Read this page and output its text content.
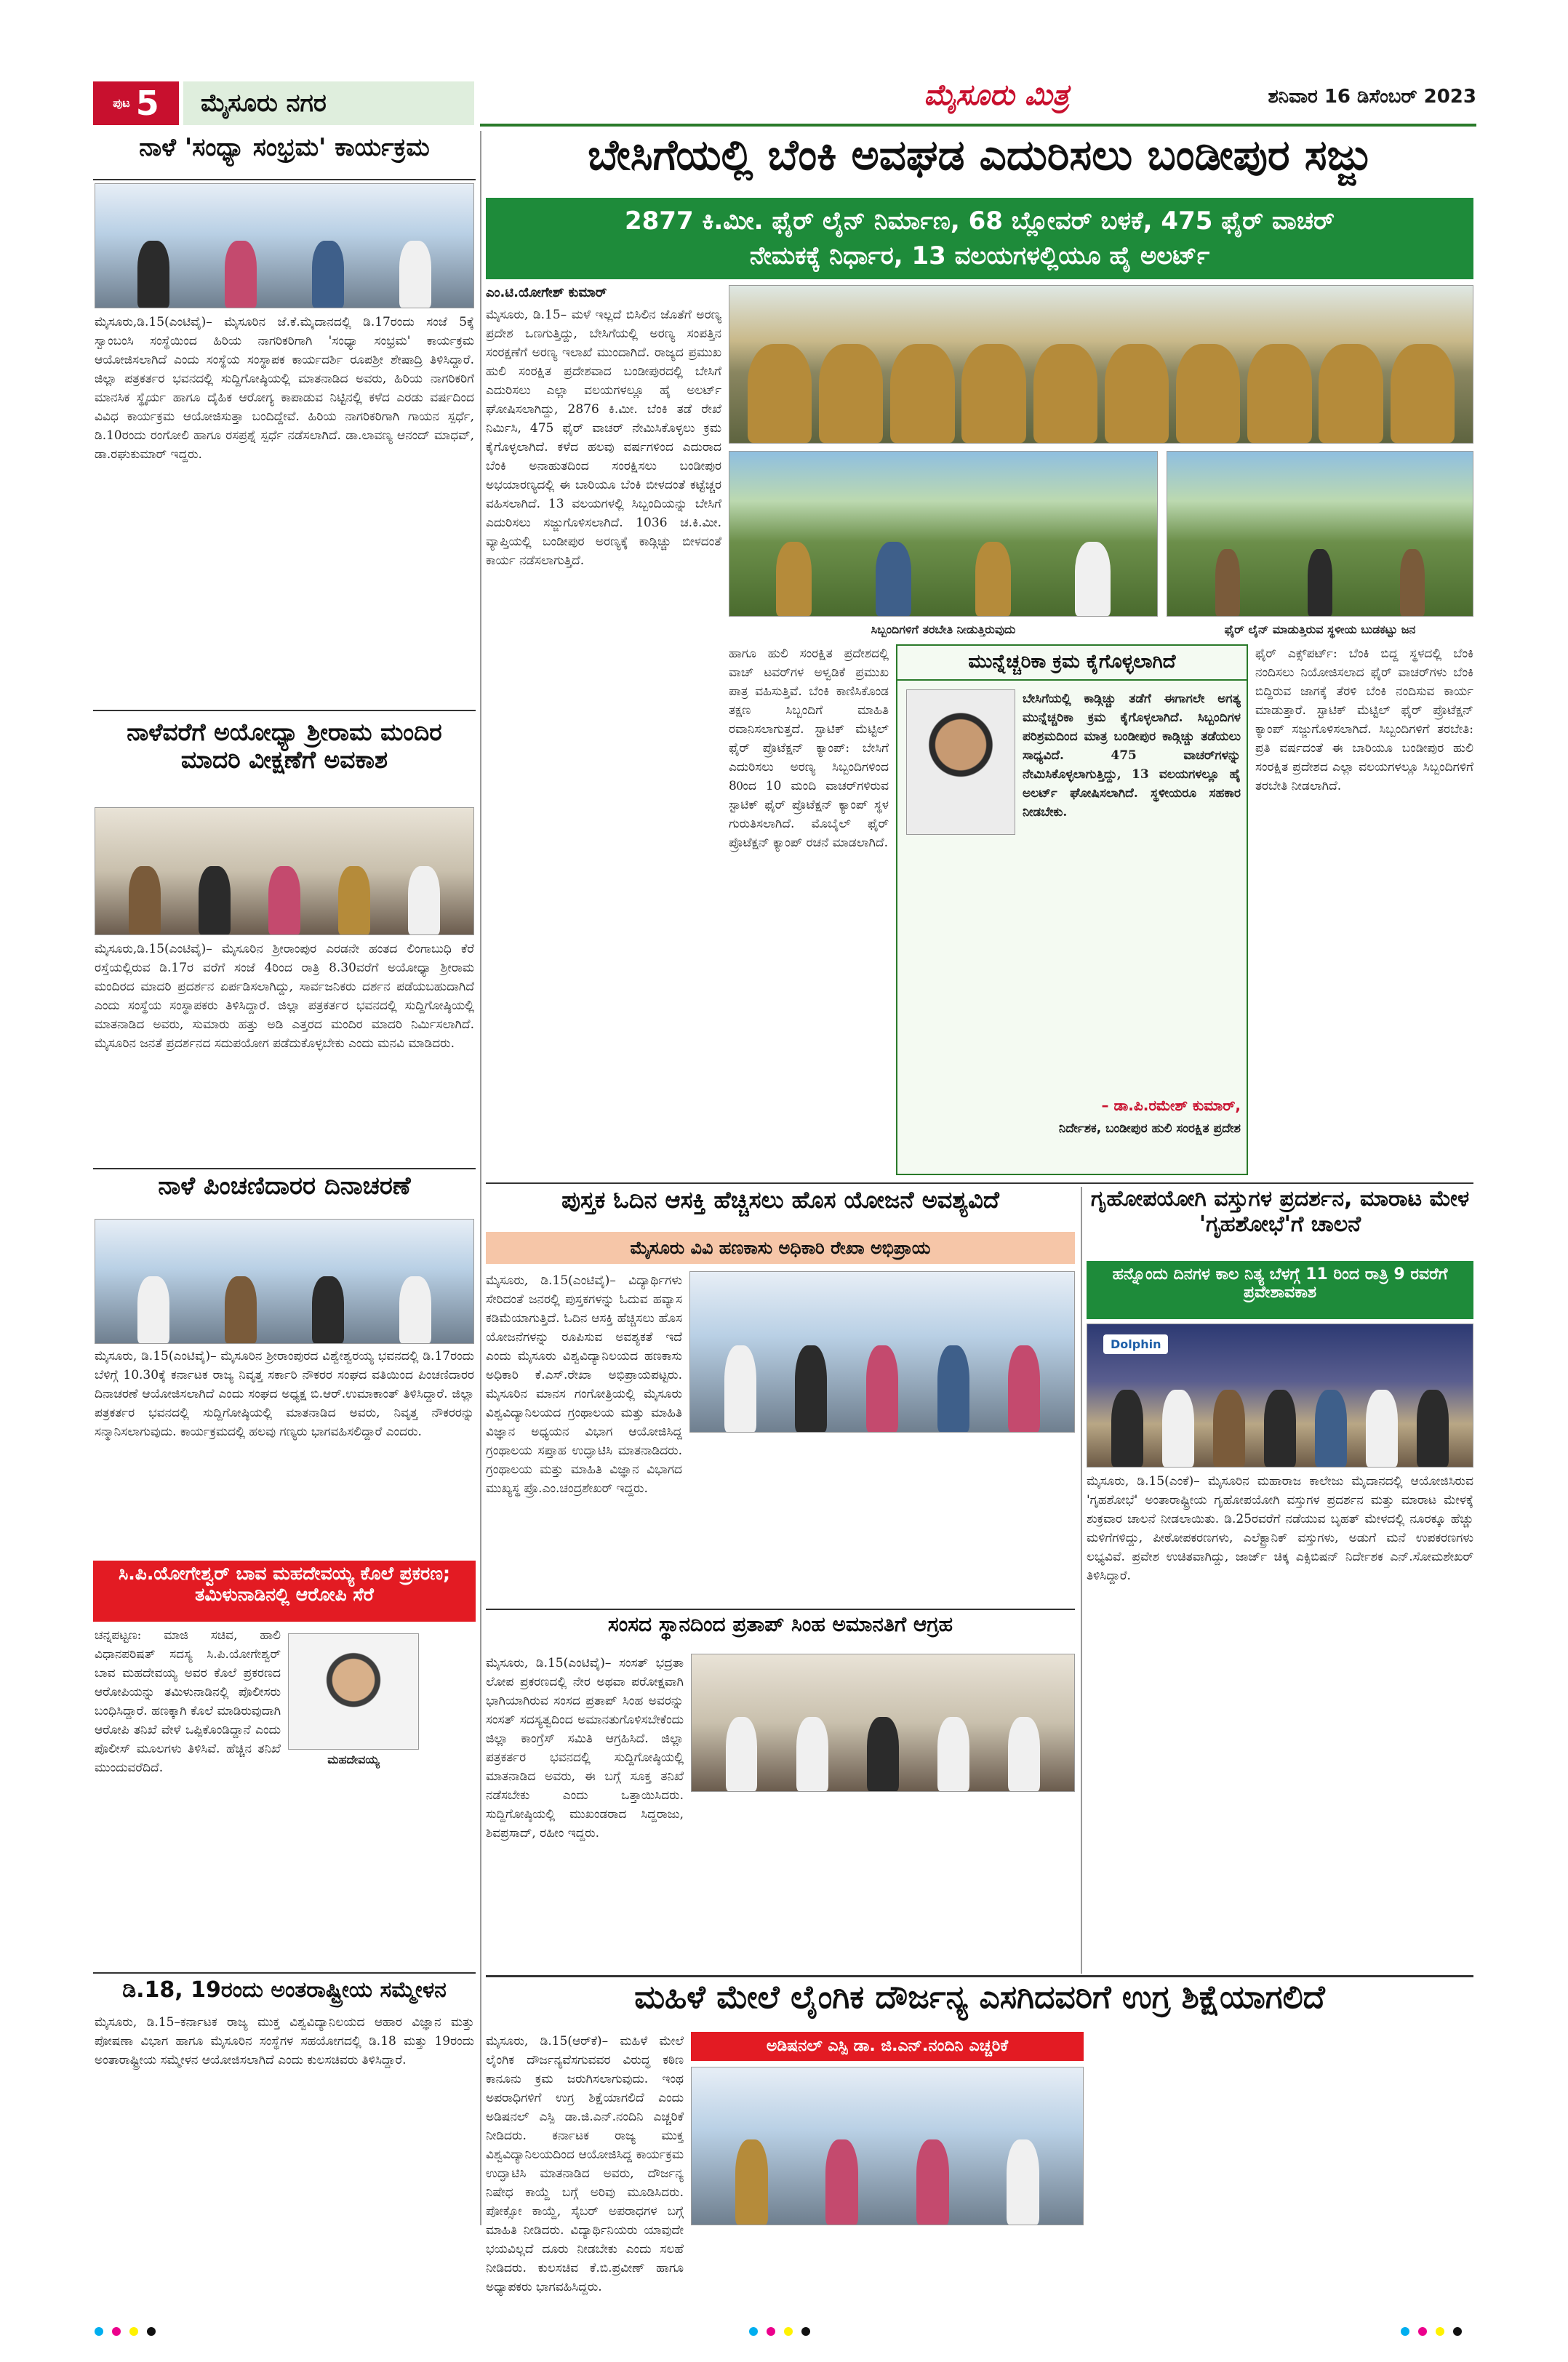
ಪುಟ 5	ಮೈಸೂರು ನಗರ	ಮೈಸೂರು ಮಿತ್ರ	ಶನಿವಾರ 16 ಡಿಸೆಂಬರ್ 2023
ನಾಳೆ 'ಸಂಧ್ಯಾ ಸಂಭ್ರಮ' ಕಾರ್ಯಕ್ರಮ
ಮೈಸೂರು,ಡಿ.15(ಎಂಟಿವೈ)– ಮೈಸೂರಿನ ಜೆ.ಕೆ.ಮೈದಾನದಲ್ಲಿ ಡಿ.17ರಂದು ಸಂಜೆ 5ಕ್ಕೆ ಸ್ವಾಂಬಂಸಿ ಸಂಸ್ಥೆಯಿಂದ ಹಿರಿಯ ನಾಗರಿಕರಿಗಾಗಿ 'ಸಂಧ್ಯಾ ಸಂಭ್ರಮ' ಕಾರ್ಯಕ್ರಮ ಆಯೋಜಿಸಲಾಗಿದೆ ಎಂದು ಸಂಸ್ಥೆಯ ಸಂಸ್ಥಾಪಕ ಕಾರ್ಯದರ್ಶಿ ರೂಪಶ್ರೀ ಶೇಷಾದ್ರಿ ತಿಳಿಸಿದ್ದಾರೆ. ಜಿಲ್ಲಾ ಪತ್ರಕರ್ತರ ಭವನದಲ್ಲಿ ಸುದ್ದಿಗೋಷ್ಠಿಯಲ್ಲಿ ಮಾತನಾಡಿದ ಅವರು, ಹಿರಿಯ ನಾಗರಿಕರಿಗೆ ಮಾನಸಿಕ ಸ್ಥೈರ್ಯ ಹಾಗೂ ದೈಹಿಕ ಆರೋಗ್ಯ ಕಾಪಾಡುವ ನಿಟ್ಟಿನಲ್ಲಿ ಕಳೆದ ಎರಡು ವರ್ಷದಿಂದ ವಿವಿಧ ಕಾರ್ಯಕ್ರಮ ಆಯೋಜಿಸುತ್ತಾ ಬಂದಿದ್ದೇವೆ. ಹಿರಿಯ ನಾಗರಿಕರಿಗಾಗಿ ಗಾಯನ ಸ್ಪರ್ಧೆ, ಡಿ.10ರಂದು ರಂಗೋಲಿ ಹಾಗೂ ರಸಪ್ರಶ್ನೆ ಸ್ಪರ್ಧೆ ನಡೆಸಲಾಗಿದೆ. ಡಾ.ಲಾವಣ್ಯ ಆನಂದ್ ಮಾಧವ್, ಡಾ.ರಘುಕುಮಾರ್ ಇದ್ದರು.
ನಾಳೆವರೆಗೆ ಅಯೋಧ್ಯಾ ಶ್ರೀರಾಮ ಮಂದಿರ ಮಾದರಿ ವೀಕ್ಷಣೆಗೆ ಅವಕಾಶ
ಮೈಸೂರು,ಡಿ.15(ಎಂಟಿವೈ)– ಮೈಸೂರಿನ ಶ್ರೀರಾಂಪುರ ಎರಡನೇ ಹಂತದ ಲಿಂಗಾಬುಧಿ ಕೆರೆ ರಸ್ತೆಯಲ್ಲಿರುವ ಡಿ.17ರ ವರೆಗೆ ಸಂಜೆ 4ರಿಂದ ರಾತ್ರಿ 8.30ವರೆಗೆ ಅಯೋಧ್ಯಾ ಶ್ರೀರಾಮ ಮಂದಿರದ ಮಾದರಿ ಪ್ರದರ್ಶನ ಏರ್ಪಡಿಸಲಾಗಿದ್ದು, ಸಾರ್ವಜನಿಕರು ದರ್ಶನ ಪಡೆಯಬಹುದಾಗಿದೆ ಎಂದು ಸಂಸ್ಥೆಯ ಸಂಸ್ಥಾಪಕರು ತಿಳಿಸಿದ್ದಾರೆ. ಜಿಲ್ಲಾ ಪತ್ರಕರ್ತರ ಭವನದಲ್ಲಿ ಸುದ್ದಿಗೋಷ್ಠಿಯಲ್ಲಿ ಮಾತನಾಡಿದ ಅವರು, ಸುಮಾರು ಹತ್ತು ಅಡಿ ಎತ್ತರದ ಮಂದಿರ ಮಾದರಿ ನಿರ್ಮಿಸಲಾಗಿದೆ. ಮೈಸೂರಿನ ಜನತೆ ಪ್ರದರ್ಶನದ ಸದುಪಯೋಗ ಪಡೆದುಕೊಳ್ಳಬೇಕು ಎಂದು ಮನವಿ ಮಾಡಿದರು.
ನಾಳೆ ಪಿಂಚಣಿದಾರರ ದಿನಾಚರಣೆ
ಮೈಸೂರು, ಡಿ.15(ಎಂಟಿವೈ)– ಮೈಸೂರಿನ ಶ್ರೀರಾಂಪುರದ ವಿಶ್ವೇಶ್ವರಯ್ಯ ಭವನದಲ್ಲಿ ಡಿ.17ರಂದು ಬೆಳಿಗ್ಗೆ 10.30ಕ್ಕೆ ಕರ್ನಾಟಕ ರಾಜ್ಯ ನಿವೃತ್ತ ಸರ್ಕಾರಿ ನೌಕರರ ಸಂಘದ ವತಿಯಿಂದ ಪಿಂಚಣಿದಾರರ ದಿನಾಚರಣೆ ಆಯೋಜಿಸಲಾಗಿದೆ ಎಂದು ಸಂಘದ ಅಧ್ಯಕ್ಷ ಬಿ.ಆರ್.ಉಮಾಕಾಂತ್ ತಿಳಿಸಿದ್ದಾರೆ. ಜಿಲ್ಲಾ ಪತ್ರಕರ್ತರ ಭವನದಲ್ಲಿ ಸುದ್ದಿಗೋಷ್ಠಿಯಲ್ಲಿ ಮಾತನಾಡಿದ ಅವರು, ನಿವೃತ್ತ ನೌಕರರನ್ನು ಸನ್ಮಾನಿಸಲಾಗುವುದು. ಕಾರ್ಯಕ್ರಮದಲ್ಲಿ ಹಲವು ಗಣ್ಯರು ಭಾಗವಹಿಸಲಿದ್ದಾರೆ ಎಂದರು.
ಸಿ.ಪಿ.ಯೋಗೇಶ್ವರ್ ಬಾವ ಮಹದೇವಯ್ಯ ಕೊಲೆ ಪ್ರಕರಣ; ತಮಿಳುನಾಡಿನಲ್ಲಿ ಆರೋಪಿ ಸೆರೆ
ಮಹದೇವಯ್ಯ
ಚನ್ನಪಟ್ಟಣ: ಮಾಜಿ ಸಚಿವ, ಹಾಲಿ ವಿಧಾನಪರಿಷತ್ ಸದಸ್ಯ ಸಿ.ಪಿ.ಯೋಗೇಶ್ವರ್ ಬಾವ ಮಹದೇವಯ್ಯ ಅವರ ಕೊಲೆ ಪ್ರಕರಣದ ಆರೋಪಿಯನ್ನು ತಮಿಳುನಾಡಿನಲ್ಲಿ ಪೊಲೀಸರು ಬಂಧಿಸಿದ್ದಾರೆ. ಹಣಕ್ಕಾಗಿ ಕೊಲೆ ಮಾಡಿರುವುದಾಗಿ ಆರೋಪಿ ತನಿಖೆ ವೇಳೆ ಒಪ್ಪಿಕೊಂಡಿದ್ದಾನೆ ಎಂದು ಪೊಲೀಸ್ ಮೂಲಗಳು ತಿಳಿಸಿವೆ. ಹೆಚ್ಚಿನ ತನಿಖೆ ಮುಂದುವರೆದಿದೆ.
ಡಿ.18, 19ರಂದು ಅಂತರಾಷ್ಟ್ರೀಯ ಸಮ್ಮೇಳನ
ಮೈಸೂರು, ಡಿ.15–ಕರ್ನಾಟಕ ರಾಜ್ಯ ಮುಕ್ತ ವಿಶ್ವವಿದ್ಯಾನಿಲಯದ ಆಹಾರ ವಿಜ್ಞಾನ ಮತ್ತು ಪೋಷಣಾ ವಿಭಾಗ ಹಾಗೂ ಮೈಸೂರಿನ ಸಂಸ್ಥೆಗಳ ಸಹಯೋಗದಲ್ಲಿ ಡಿ.18 ಮತ್ತು 19ರಂದು ಅಂತಾರಾಷ್ಟ್ರೀಯ ಸಮ್ಮೇಳನ ಆಯೋಜಿಸಲಾಗಿದೆ ಎಂದು ಕುಲಸಚಿವರು ತಿಳಿಸಿದ್ದಾರೆ.
ಬೇಸಿಗೆಯಲ್ಲಿ ಬೆಂಕಿ ಅವಘಡ ಎದುರಿಸಲು ಬಂಡೀಪುರ ಸಜ್ಜು
2877 ಕಿ.ಮೀ. ಫೈರ್ ಲೈನ್ ನಿರ್ಮಾಣ, 68 ಬ್ಲೋವರ್ ಬಳಕೆ, 475 ಫೈರ್ ವಾಚರ್
ನೇಮಕಕ್ಕೆ ನಿರ್ಧಾರ, 13 ವಲಯಗಳಲ್ಲಿಯೂ ಹೈ ಅಲರ್ಟ್
ಎಂ.ಟಿ.ಯೋಗೇಶ್ ಕುಮಾರ್
ಮೈಸೂರು, ಡಿ.15– ಮಳೆ ಇಲ್ಲದೆ ಬಿಸಿಲಿನ ಜೊತೆಗೆ ಅರಣ್ಯ ಪ್ರದೇಶ ಒಣಗುತ್ತಿದ್ದು, ಬೇಸಿಗೆಯಲ್ಲಿ ಅರಣ್ಯ ಸಂಪತ್ತಿನ ಸಂರಕ್ಷಣೆಗೆ ಅರಣ್ಯ ಇಲಾಖೆ ಮುಂದಾಗಿದೆ. ರಾಜ್ಯದ ಪ್ರಮುಖ ಹುಲಿ ಸಂರಕ್ಷಿತ ಪ್ರದೇಶವಾದ ಬಂಡೀಪುರದಲ್ಲಿ ಬೇಸಿಗೆ ಎದುರಿಸಲು ಎಲ್ಲಾ ವಲಯಗಳಲ್ಲೂ ಹೈ ಅಲರ್ಟ್ ಘೋಷಿಸಲಾಗಿದ್ದು, 2876 ಕಿ.ಮೀ. ಬೆಂಕಿ ತಡೆ ರೇಖೆ ನಿರ್ಮಿಸಿ, 475 ಫೈರ್ ವಾಚರ್ ನೇಮಿಸಿಕೊಳ್ಳಲು ಕ್ರಮ ಕೈಗೊಳ್ಳಲಾಗಿದೆ. ಕಳೆದ ಹಲವು ವರ್ಷಗಳಿಂದ ಎದುರಾದ ಬೆಂಕಿ ಅನಾಹುತದಿಂದ ಸಂರಕ್ಷಿಸಲು ಬಂಡೀಪುರ ಅಭಯಾರಣ್ಯದಲ್ಲಿ ಈ ಬಾರಿಯೂ ಬೆಂಕಿ ಬೀಳದಂತೆ ಕಟ್ಟೆಚ್ಚರ ವಹಿಸಲಾಗಿದೆ. 13 ವಲಯಗಳಲ್ಲಿ ಸಿಬ್ಬಂದಿಯನ್ನು ಬೇಸಿಗೆ ಎದುರಿಸಲು ಸಜ್ಜುಗೊಳಿಸಲಾಗಿದೆ. 1036 ಚ.ಕಿ.ಮೀ. ವ್ಯಾಪ್ತಿಯಲ್ಲಿ ಬಂಡೀಪುರ ಅರಣ್ಯಕ್ಕೆ ಕಾಡ್ಗಿಚ್ಚು ಬೀಳದಂತೆ ಕಾರ್ಯ ನಡೆಸಲಾಗುತ್ತಿದೆ.
ಸಿಬ್ಬಂದಿಗಳಿಗೆ ತರಬೇತಿ ನೀಡುತ್ತಿರುವುದು	ಫೈರ್ ಲೈನ್ ಮಾಡುತ್ತಿರುವ ಸ್ಥಳೀಯ ಬುಡಕಟ್ಟು ಜನ
ಹಾಗೂ ಹುಲಿ ಸಂರಕ್ಷಿತ ಪ್ರದೇಶದಲ್ಲಿ ವಾಚ್ ಟವರ್‌ಗಳ ಅಳ್ವಡಿಕೆ ಪ್ರಮುಖ ಪಾತ್ರ ವಹಿಸುತ್ತಿವೆ. ಬೆಂಕಿ ಕಾಣಿಸಿಕೊಂಡ ತಕ್ಷಣ ಸಿಬ್ಬಂದಿಗೆ ಮಾಹಿತಿ ರವಾನಿಸಲಾಗುತ್ತದೆ. ಸ್ಟಾಟಿಕ್ ಮೆಟ್ಟಿಲ್ ಫೈರ್ ಪ್ರೊಟೆಕ್ಷನ್ ಕ್ಯಾಂಪ್: ಬೇಸಿಗೆ ಎದುರಿಸಲು ಅರಣ್ಯ ಸಿಬ್ಬಂದಿಗಳಿಂದ 80ಂದ 10 ಮಂದಿ ವಾಚರ್‌ಗಳಿರುವ ಸ್ಟಾಟಿಕ್ ಫೈರ್ ಪ್ರೊಟೆಕ್ಷನ್ ಕ್ಯಾಂಪ್ ಸ್ಥಳ ಗುರುತಿಸಲಾಗಿದೆ. ಮೊಬೈಲ್ ಫೈರ್ ಪ್ರೊಟೆಕ್ಷನ್ ಕ್ಯಾಂಪ್ ರಚನೆ ಮಾಡಲಾಗಿದೆ.
ಮುನ್ನೆಚ್ಚರಿಕಾ ಕ್ರಮ ಕೈಗೊಳ್ಳಲಾಗಿದೆ
ಬೇಸಿಗೆಯಲ್ಲಿ ಕಾಡ್ಗಿಚ್ಚು ತಡೆಗೆ ಈಗಾಗಲೇ ಅಗತ್ಯ ಮುನ್ನೆಚ್ಚರಿಕಾ ಕ್ರಮ ಕೈಗೊಳ್ಳಲಾಗಿದೆ. ಸಿಬ್ಬಂದಿಗಳ ಪರಿಶ್ರಮದಿಂದ ಮಾತ್ರ ಬಂಡೀಪುರ ಕಾಡ್ಗಿಚ್ಚು ತಡೆಯಲು ಸಾಧ್ಯವಿದೆ. 475 ವಾಚರ್‌ಗಳನ್ನು ನೇಮಿಸಿಕೊಳ್ಳಲಾಗುತ್ತಿದ್ದು, 13 ವಲಯಗಳಲ್ಲೂ ಹೈ ಅಲರ್ಟ್ ಘೋಷಿಸಲಾಗಿದೆ. ಸ್ಥಳೀಯರೂ ಸಹಕಾರ ನೀಡಬೇಕು.
– ಡಾ.ಪಿ.ರಮೇಶ್ ಕುಮಾರ್,
ನಿರ್ದೇಶಕ, ಬಂಡೀಪುರ ಹುಲಿ ಸಂರಕ್ಷಿತ ಪ್ರದೇಶ
ಫೈರ್ ಎಕ್ಸ್‌ಪರ್ಟ್: ಬೆಂಕಿ ಬಿದ್ದ ಸ್ಥಳದಲ್ಲಿ ಬೆಂಕಿ ನಂದಿಸಲು ನಿಯೋಜಿಸಲಾದ ಫೈರ್ ವಾಚರ್‌ಗಳು ಬೆಂಕಿ ಬಿದ್ದಿರುವ ಜಾಗಕ್ಕೆ ತೆರಳಿ ಬೆಂಕಿ ನಂದಿಸುವ ಕಾರ್ಯ ಮಾಡುತ್ತಾರೆ. ಸ್ಟಾಟಿಕ್ ಮೆಟ್ಟಿಲ್ ಫೈರ್ ಪ್ರೊಟೆಕ್ಷನ್ ಕ್ಯಾಂಪ್ ಸಜ್ಜುಗೊಳಿಸಲಾಗಿದೆ. ಸಿಬ್ಬಂದಿಗಳಿಗೆ ತರಬೇತಿ: ಪ್ರತಿ ವರ್ಷದಂತೆ ಈ ಬಾರಿಯೂ ಬಂಡೀಪುರ ಹುಲಿ ಸಂರಕ್ಷಿತ ಪ್ರದೇಶದ ಎಲ್ಲಾ ವಲಯಗಳಲ್ಲೂ ಸಿಬ್ಬಂದಿಗಳಿಗೆ ತರಬೇತಿ ನೀಡಲಾಗಿದೆ.
ಪುಸ್ತಕ ಓದಿನ ಆಸಕ್ತಿ ಹೆಚ್ಚಿಸಲು ಹೊಸ ಯೋಜನೆ ಅವಶ್ಯವಿದೆ
ಮೈಸೂರು ವಿವಿ ಹಣಕಾಸು ಅಧಿಕಾರಿ ರೇಖಾ ಅಭಿಪ್ರಾಯ
ಮೈಸೂರು, ಡಿ.15(ಎಂಟಿವೈ)– ವಿದ್ಯಾರ್ಥಿಗಳು ಸೇರಿದಂತೆ ಜನರಲ್ಲಿ ಪುಸ್ತಕಗಳನ್ನು ಓದುವ ಹವ್ಯಾಸ ಕಡಿಮೆಯಾಗುತ್ತಿದೆ. ಓದಿನ ಆಸಕ್ತಿ ಹೆಚ್ಚಿಸಲು ಹೊಸ ಯೋಜನೆಗಳನ್ನು ರೂಪಿಸುವ ಅವಶ್ಯಕತೆ ಇದೆ ಎಂದು ಮೈಸೂರು ವಿಶ್ವವಿದ್ಯಾನಿಲಯದ ಹಣಕಾಸು ಅಧಿಕಾರಿ ಕೆ.ಎಸ್.ರೇಖಾ ಅಭಿಪ್ರಾಯಪಟ್ಟರು. ಮೈಸೂರಿನ ಮಾನಸ ಗಂಗೋತ್ರಿಯಲ್ಲಿ ಮೈಸೂರು ವಿಶ್ವವಿದ್ಯಾನಿಲಯದ ಗ್ರಂಥಾಲಯ ಮತ್ತು ಮಾಹಿತಿ ವಿಜ್ಞಾನ ಅಧ್ಯಯನ ವಿಭಾಗ ಆಯೋಜಿಸಿದ್ದ ಗ್ರಂಥಾಲಯ ಸಪ್ತಾಹ ಉದ್ಘಾಟಿಸಿ ಮಾತನಾಡಿದರು. ಗ್ರಂಥಾಲಯ ಮತ್ತು ಮಾಹಿತಿ ವಿಜ್ಞಾನ ವಿಭಾಗದ ಮುಖ್ಯಸ್ಥ ಪ್ರೊ.ಎಂ.ಚಂದ್ರಶೇಖರ್ ಇದ್ದರು.
ಸಂಸದ ಸ್ಥಾನದಿಂದ ಪ್ರತಾಪ್ ಸಿಂಹ ಅಮಾನತಿಗೆ ಆಗ್ರಹ
ಮೈಸೂರು, ಡಿ.15(ಎಂಟಿವೈ)– ಸಂಸತ್ ಭದ್ರತಾ ಲೋಪ ಪ್ರಕರಣದಲ್ಲಿ ನೇರ ಅಥವಾ ಪರೋಕ್ಷವಾಗಿ ಭಾಗಿಯಾಗಿರುವ ಸಂಸದ ಪ್ರತಾಪ್ ಸಿಂಹ ಅವರನ್ನು ಸಂಸತ್ ಸದಸ್ಯತ್ವದಿಂದ ಅಮಾನತುಗೊಳಿಸಬೇಕೆಂದು ಜಿಲ್ಲಾ ಕಾಂಗ್ರೆಸ್ ಸಮಿತಿ ಆಗ್ರಹಿಸಿದೆ. ಜಿಲ್ಲಾ ಪತ್ರಕರ್ತರ ಭವನದಲ್ಲಿ ಸುದ್ದಿಗೋಷ್ಠಿಯಲ್ಲಿ ಮಾತನಾಡಿದ ಅವರು, ಈ ಬಗ್ಗೆ ಸೂಕ್ತ ತನಿಖೆ ನಡೆಸಬೇಕು ಎಂದು ಒತ್ತಾಯಿಸಿದರು. ಸುದ್ದಿಗೋಷ್ಠಿಯಲ್ಲಿ ಮುಖಂಡರಾದ ಸಿದ್ದರಾಜು, ಶಿವಪ್ರಸಾದ್, ರಹೀಂ ಇದ್ದರು.
ಗೃಹೋಪಯೋಗಿ ವಸ್ತುಗಳ ಪ್ರದರ್ಶನ, ಮಾರಾಟ ಮೇಳ 'ಗೃಹಶೋಭೆ'ಗೆ ಚಾಲನೆ
ಹನ್ನೊಂದು ದಿನಗಳ ಕಾಲ ನಿತ್ಯ ಬೆಳಗ್ಗೆ 11 ರಿಂದ ರಾತ್ರಿ 9 ರವರೆಗೆ ಪ್ರವೇಶಾವಕಾಶ
Dolphin
ಮೈಸೂರು, ಡಿ.15(ಎಂಕೆ)– ಮೈಸೂರಿನ ಮಹಾರಾಜ ಕಾಲೇಜು ಮೈದಾನದಲ್ಲಿ ಆಯೋಜಿಸಿರುವ 'ಗೃಹಶೋಭೆ' ಅಂತಾರಾಷ್ಟ್ರೀಯ ಗೃಹೋಪಯೋಗಿ ವಸ್ತುಗಳ ಪ್ರದರ್ಶನ ಮತ್ತು ಮಾರಾಟ ಮೇಳಕ್ಕೆ ಶುಕ್ರವಾರ ಚಾಲನೆ ನೀಡಲಾಯಿತು. ಡಿ.25ರವರೆಗೆ ನಡೆಯುವ ಬೃಹತ್ ಮೇಳದಲ್ಲಿ ನೂರಕ್ಕೂ ಹೆಚ್ಚು ಮಳಿಗೆಗಳಿದ್ದು, ಪೀಠೋಪಕರಣಗಳು, ಎಲೆಕ್ಟ್ರಾನಿಕ್ ವಸ್ತುಗಳು, ಅಡುಗೆ ಮನೆ ಉಪಕರಣಗಳು ಲಭ್ಯವಿವೆ. ಪ್ರವೇಶ ಉಚಿತವಾಗಿದ್ದು, ಜಾರ್ಜ್ ಚಿಕ್ಕ ಎಕ್ಸಿಬಿಷನ್ ನಿರ್ದೇಶಕ ಎನ್.ಸೋಮಶೇಖರ್ ತಿಳಿಸಿದ್ದಾರೆ.
ಮಹಿಳೆ ಮೇಲೆ ಲೈಂಗಿಕ ದೌರ್ಜನ್ಯ ಎಸಗಿದವರಿಗೆ ಉಗ್ರ ಶಿಕ್ಷೆಯಾಗಲಿದೆ
ಅಡಿಷನಲ್ ಎಸ್ಪಿ ಡಾ. ಜಿ.ಎನ್.ನಂದಿನಿ ಎಚ್ಚರಿಕೆ
ಮೈಸೂರು, ಡಿ.15(ಆರ್‌ಕೆ)– ಮಹಿಳೆ ಮೇಲೆ ಲೈಂಗಿಕ ದೌರ್ಜನ್ಯವೆಸಗುವವರ ವಿರುದ್ಧ ಕಠಿಣ ಕಾನೂನು ಕ್ರಮ ಜರುಗಿಸಲಾಗುವುದು. ಇಂಥ ಅಪರಾಧಿಗಳಿಗೆ ಉಗ್ರ ಶಿಕ್ಷೆಯಾಗಲಿದೆ ಎಂದು ಅಡಿಷನಲ್ ಎಸ್ಪಿ ಡಾ.ಜಿ.ಎನ್.ನಂದಿನಿ ಎಚ್ಚರಿಕೆ ನೀಡಿದರು. ಕರ್ನಾಟಕ ರಾಜ್ಯ ಮುಕ್ತ ವಿಶ್ವವಿದ್ಯಾನಿಲಯದಿಂದ ಆಯೋಜಿಸಿದ್ದ ಕಾರ್ಯಕ್ರಮ ಉದ್ಘಾಟಿಸಿ ಮಾತನಾಡಿದ ಅವರು, ದೌರ್ಜನ್ಯ ನಿಷೇಧ ಕಾಯ್ದೆ ಬಗ್ಗೆ ಅರಿವು ಮೂಡಿಸಿದರು. ಪೋಕ್ಸೋ ಕಾಯ್ದೆ, ಸೈಬರ್ ಅಪರಾಧಗಳ ಬಗ್ಗೆ ಮಾಹಿತಿ ನೀಡಿದರು. ವಿದ್ಯಾರ್ಥಿನಿಯರು ಯಾವುದೇ ಭಯವಿಲ್ಲದೆ ದೂರು ನೀಡಬೇಕು ಎಂದು ಸಲಹೆ ನೀಡಿದರು. ಕುಲಸಚಿವ ಕೆ.ಬಿ.ಪ್ರವೀಣ್ ಹಾಗೂ ಅಧ್ಯಾಪಕರು ಭಾಗವಹಿಸಿದ್ದರು.
